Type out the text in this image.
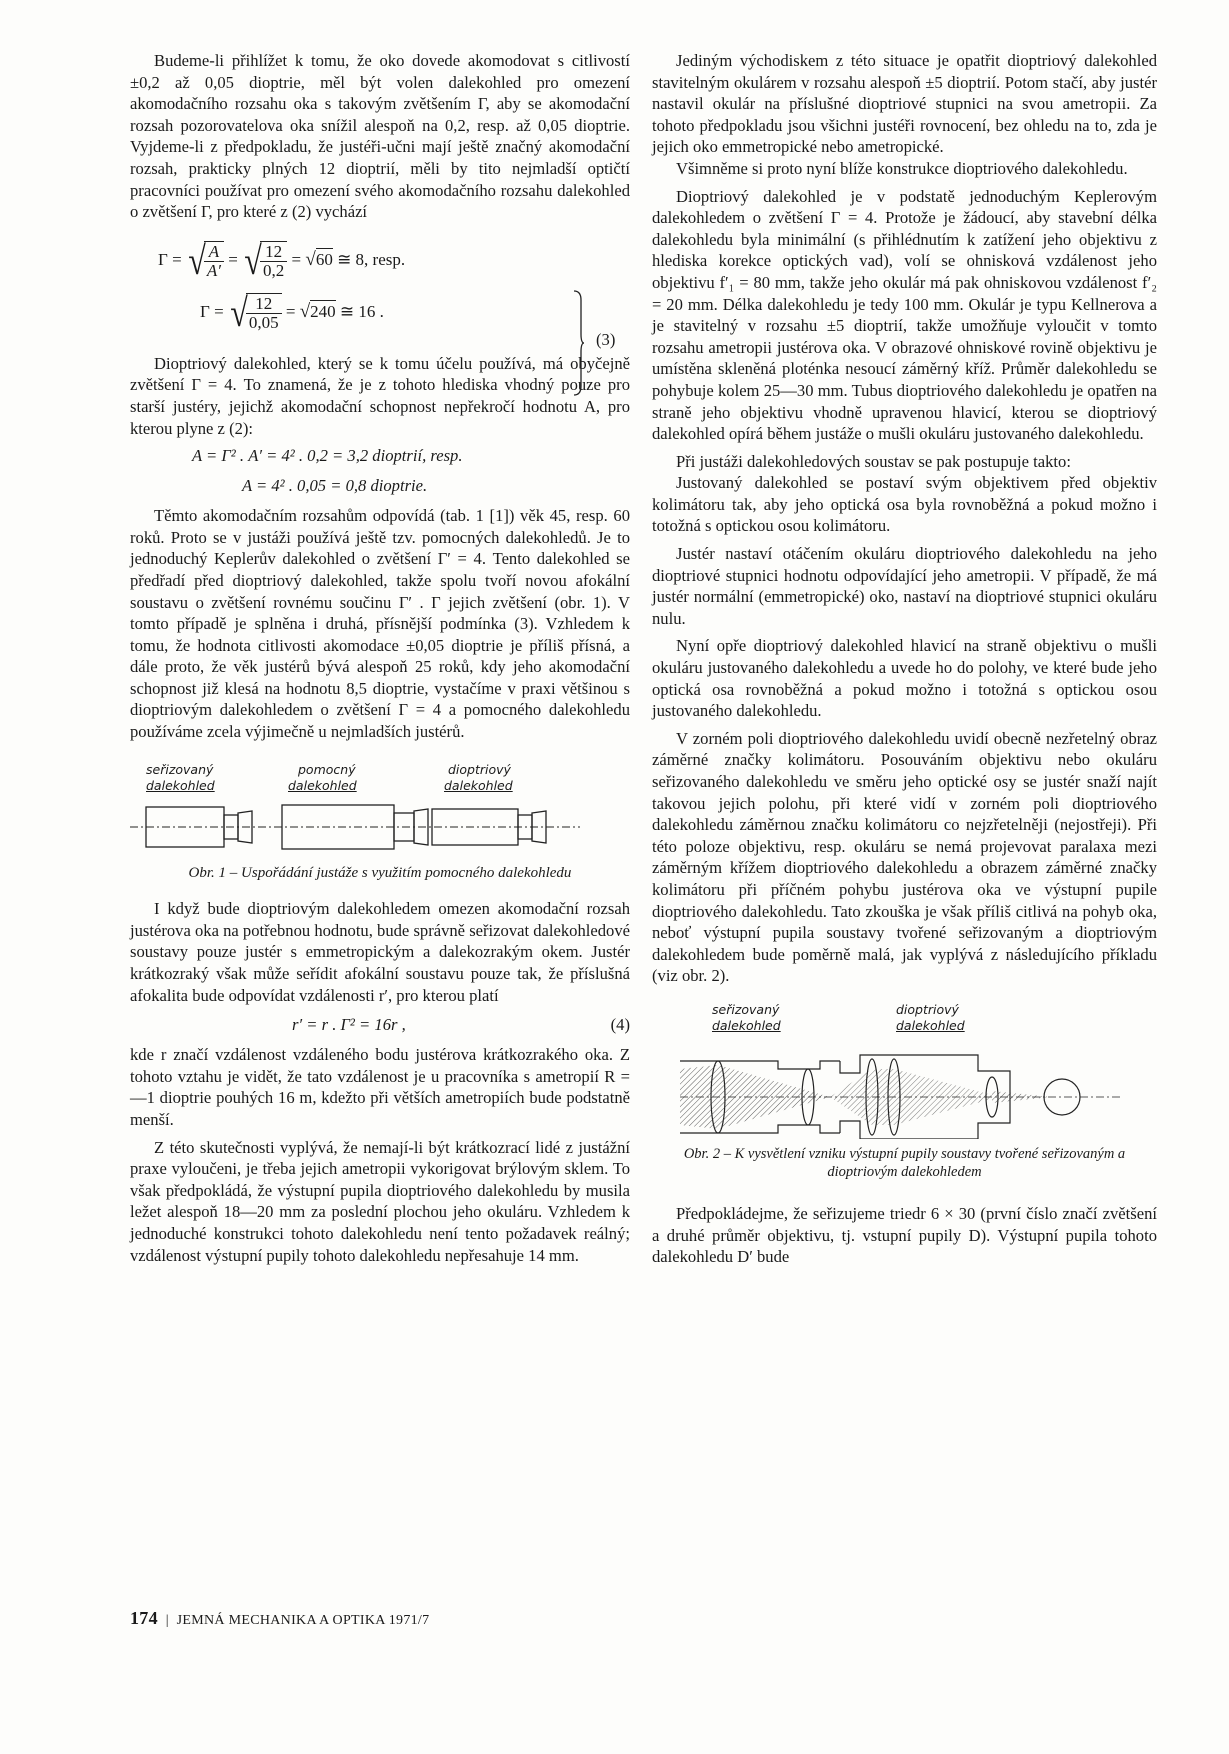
Budeme-li přihlížet k tomu, že oko dovede akomodovat s citlivostí ±0,2 až 0,05 dioptrie, měl být volen dalekohled pro omezení akomodačního rozsahu oka s takovým zvětšením Γ, aby se akomodační rozsah pozorovatelova oka snížil alespoň na 0,2, resp. až 0,05 dioptrie. Vyjdeme-li z předpokladu, že justéři-učni mají ještě značný akomodační rozsah, prakticky plných 12 dioptrií, měli by tito nejmladší optičtí pracovníci používat pro omezení svého akomodačního rozsahu dalekohled o zvětšení Γ, pro které z (2) vychází

Γ = √
$\frac{A}{A'}$ = √
$\frac{12}{0,2} = √60$ ≅ 8, resp.
Γ = √
$\frac{12}{0,05} = √240$ ≅ 16 .

Dioptriový dalekohled, který se k tomu účelu používá, má obyčejně zvětšení Γ = 4. To znamená, že je z tohoto hlediska vhodný pouze pro starší justéry, jejichž akomodační schopnost nepřekročí hodnotu A, pro kterou plyne z (2):

A = Γ² . A′ = 4² . 0,2 = 3,2 dioptrií, resp.
A = 4² . 0,05 = 0,8 dioptrie.

Těmto akomodačním rozsahům odpovídá (tab. 1 [1]) věk 45, resp. 60 roků. Proto se v justáži používá ještě tzv. pomocných dalekohledů. Je to jednoduchý Keplerův dalekohled o zvětšení Γ′ = 4. Tento dalekohled se předřadí před dioptriový dalekohled, takže spolu tvoří novou afokální soustavu o zvětšení rovnému součinu Γ′ . Γ jejich zvětšení (obr. 1). V tomto případě je splněna i druhá, přísnější podmínka (3). Vzhledem k tomu, že hodnota citlivosti akomodace ±0,05 dioptrie je příliš přísná, a dále proto, že věk justérů bývá alespoň 25 roků, kdy jeho akomodační schopnost již klesá na hodnotu 8,5 dioptrie, vystačíme v praxi většinou s dioptriovým dalekohledem o zvětšení Γ = 4 a pomocného dalekohledu používáme zcela výjimečně u nejmladších justérů.

seřizovaný
dalekohled
pomocný
dalekohled
dioptriový
dalekohled
Obr. 1 – Uspořádání justáže s využitím pomocného dalekohledu

I když bude dioptriovým dalekohledem omezen akomodační rozsah justérova oka na potřebnou hodnotu, bude správně seřizovat dalekohledové soustavy pouze justér s emmetropickým a dalekozrakým okem. Justér krátkozraký však může seřídit afokální soustavu pouze tak, že příslušná afokalita bude odpovídat vzdálenosti r′, pro kterou platí

r′ = r . Γ² = 16r ,	(4)

kde r značí vzdálenost vzdáleného bodu justérova krátkozrakého oka. Z tohoto vztahu je vidět, že tato vzdálenost je u pracovníka s ametropií R = —1 dioptrie pouhých 16 m, kdežto při větších ametropiích bude podstatně menší.

Z této skutečnosti vyplývá, že nemají-li být krátkozrací lidé z justážní praxe vyloučeni, je třeba jejich ametropii vykorigovat brýlovým sklem. To však předpokládá, že výstupní pupila dioptriového dalekohledu by musila ležet alespoň 18—20 mm za poslední plochou jeho okuláru. Vzhledem k jednoduché konstrukci tohoto dalekohledu není tento požadavek reálný; vzdálenost výstupní pupily tohoto dalekohledu nepřesahuje 14 mm.

Jediným východiskem z této situace je opatřit dioptriový dalekohled stavitelným okulárem v rozsahu alespoň ±5 dioptrií. Potom stačí, aby justér nastavil okulár na příslušné dioptriové stupnici na svou ametropii. Za tohoto předpokladu jsou všichni justéři rovnocení, bez ohledu na to, zda je jejich oko emmetropické nebo ametropické.

Všimněme si proto nyní blíže konstrukce dioptriového dalekohledu.

Dioptriový dalekohled je v podstatě jednoduchým Keplerovým dalekohledem o zvětšení Γ = 4. Protože je žádoucí, aby stavební délka dalekohledu byla minimální (s přihlédnutím k zatížení jeho objektivu z hlediska korekce optických vad), volí se ohnisková vzdálenost jeho objektivu f′₁ = 80 mm, takže jeho okulár má pak ohniskovou vzdálenost f′₂ = 20 mm. Délka dalekohledu je tedy 100 mm. Okulár je typu Kellnerova a je stavitelný v rozsahu ±5 dioptrií, takže umožňuje vyloučit v tomto rozsahu ametropii justérova oka. V obrazové ohniskové rovině objektivu je umístěna skleněná ploténka nesoucí záměrný kříž. Průměr dalekohledu se pohybuje kolem 25—30 mm. Tubus dioptriového dalekohledu je opatřen na straně jeho objektivu vhodně upravenou hlavicí, kterou se dioptriový dalekohled opírá během justáže o mušli okuláru justovaného dalekohledu.

Při justáži dalekohledových soustav se pak postupuje takto:

Justovaný dalekohled se postaví svým objektivem před objektiv kolimátoru tak, aby jeho optická osa byla rovnoběžná a pokud možno i totožná s optickou osou kolimátoru.

Justér nastaví otáčením okuláru dioptriového dalekohledu na jeho dioptriové stupnici hodnotu odpovídající jeho ametropii. V případě, že má justér normální (emmetropické) oko, nastaví na dioptriové stupnici okuláru nulu.

Nyní opře dioptriový dalekohled hlavicí na straně objektivu o mušli okuláru justovaného dalekohledu a uvede ho do polohy, ve které bude jeho optická osa rovnoběžná a pokud možno i totožná s optickou osou justovaného dalekohledu.

V zorném poli dioptriového dalekohledu uvidí obecně nezřetelný obraz záměrné značky kolimátoru. Posouváním objektivu nebo okuláru seřizovaného dalekohledu ve směru jeho optické osy se justér snaží najít takovou jejich polohu, při které vidí v zorném poli dioptriového dalekohledu záměrnou značku kolimátoru co nejzřetelněji (nejostřeji). Při této poloze objektivu, resp. okuláru se nemá projevovat paralaxa mezi záměrným křížem dioptriového dalekohledu a obrazem záměrné značky kolimátoru při příčném pohybu justérova oka ve výstupní pupile dioptriového dalekohledu. Tato zkouška je však příliš citlivá na pohyb oka, neboť výstupní pupila soustavy tvořené seřizovaným a dioptriovým dalekohledem bude poměrně malá, jak vyplývá z následujícího příkladu (viz obr. 2).

seřizovaný
dalekohled
dioptriový
dalekohled
Obr. 2 – K vysvětlení vzniku výstupní pupily soustavy tvořené seřizovaným a dioptriovým dalekohledem

Předpokládejme, že seřizujeme triedr 6 × 30 (první číslo značí zvětšení a druhé průměr objektivu, tj. vstupní pupily D). Výstupní pupila tohoto dalekohledu D′ bude

174 | JEMNÁ MECHANIKA A OPTIKA 1971/7
(3)
